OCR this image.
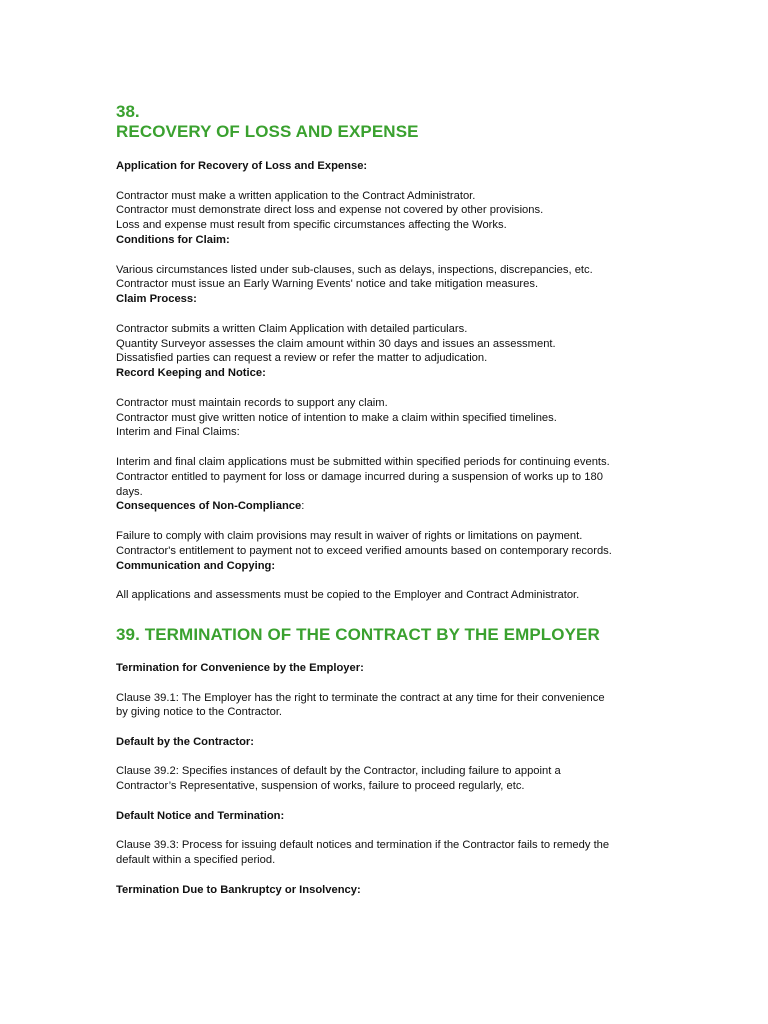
38.

RECOVERY OF LOSS AND EXPENSE

Application for Recovery of Loss and Expense:

Contractor must make a written application to the Contract Administrator.

Contractor must demonstrate direct loss and expense not covered by other provisions.

Loss and expense must result from specific circumstances affecting the Works.

Conditions for Claim:

Various circumstances listed under sub-clauses, such as delays, inspections, discrepancies, etc.

Contractor must issue an Early Warning Events' notice and take mitigation measures.

Claim Process:

Contractor submits a written Claim Application with detailed particulars.

Quantity Surveyor assesses the claim amount within 30 days and issues an assessment.

Dissatisfied parties can request a review or refer the matter to adjudication.

Record Keeping and Notice:

Contractor must maintain records to support any claim.

Contractor must give written notice of intention to make a claim within specified timelines.

Interim and Final Claims:

Interim and final claim applications must be submitted within specified periods for continuing events.

Contractor entitled to payment for loss or damage incurred during a suspension of works up to 180

days.

Consequences of Non-Compliance:

Failure to comply with claim provisions may result in waiver of rights or limitations on payment.

Contractor's entitlement to payment not to exceed verified amounts based on contemporary records.

Communication and Copying:

All applications and assessments must be copied to the Employer and Contract Administrator.

39. TERMINATION OF THE CONTRACT BY THE EMPLOYER

Termination for Convenience by the Employer:

Clause 39.1: The Employer has the right to terminate the contract at any time for their convenience

by giving notice to the Contractor.

Default by the Contractor:

Clause 39.2: Specifies instances of default by the Contractor, including failure to appoint a

Contractor’s Representative, suspension of works, failure to proceed regularly, etc.

Default Notice and Termination:

Clause 39.3: Process for issuing default notices and termination if the Contractor fails to remedy the

default within a specified period.

Termination Due to Bankruptcy or Insolvency:
